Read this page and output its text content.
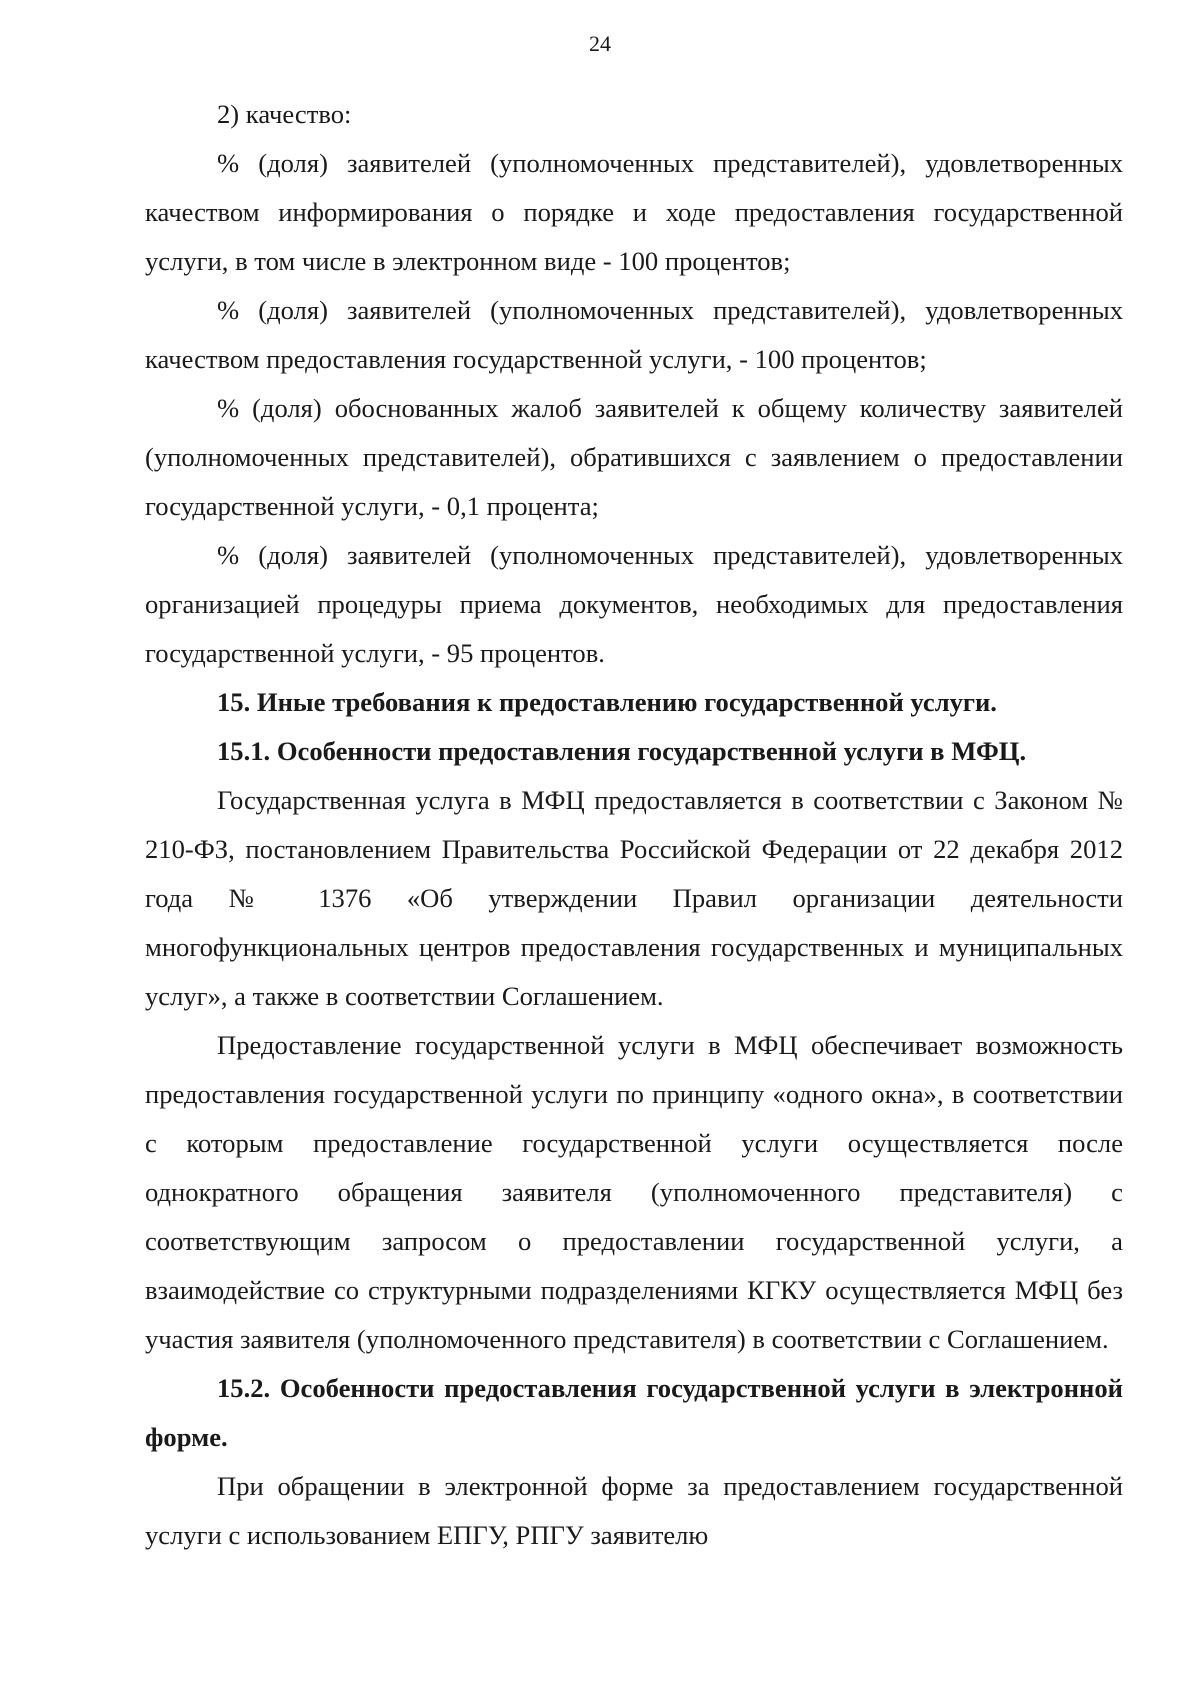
24

2) качество:

% (доля) заявителей (уполномоченных представителей), удовлетворенных качеством информирования о порядке и ходе предоставления государственной услуги, в том числе в электронном виде - 100 процентов;

% (доля) заявителей (уполномоченных представителей), удовлетворенных качеством предоставления государственной услуги, - 100 процентов;

% (доля) обоснованных жалоб заявителей к общему количеству заявителей (уполномоченных представителей), обратившихся с заявлением о предоставлении государственной услуги, - 0,1 процента;

% (доля) заявителей (уполномоченных представителей), удовлетворенных организацией процедуры приема документов, необходимых для предоставления государственной услуги, - 95 процентов.

15. Иные требования к предоставлению государственной услуги.

15.1. Особенности предоставления государственной услуги в МФЦ.

Государственная услуга в МФЦ предоставляется в соответствии с Законом № 210-ФЗ, постановлением Правительства Российской Федерации от 22 декабря 2012 года № 1376 «Об утверждении Правил организации деятельности многофункциональных центров предоставления государственных и муниципальных услуг», а также в соответствии Соглашением.

Предоставление государственной услуги в МФЦ обеспечивает возможность предоставления государственной услуги по принципу «одного окна», в соответствии с которым предоставление государственной услуги осуществляется после однократного обращения заявителя (уполномоченного представителя) с соответствующим запросом о предоставлении государственной услуги, а взаимодействие со структурными подразделениями КГКУ осуществляется МФЦ без участия заявителя (уполномоченного представителя) в соответствии с Соглашением.

15.2. Особенности предоставления государственной услуги в электронной форме.

При обращении в электронной форме за предоставлением государственной услуги с использованием ЕПГУ, РПГУ заявителю
